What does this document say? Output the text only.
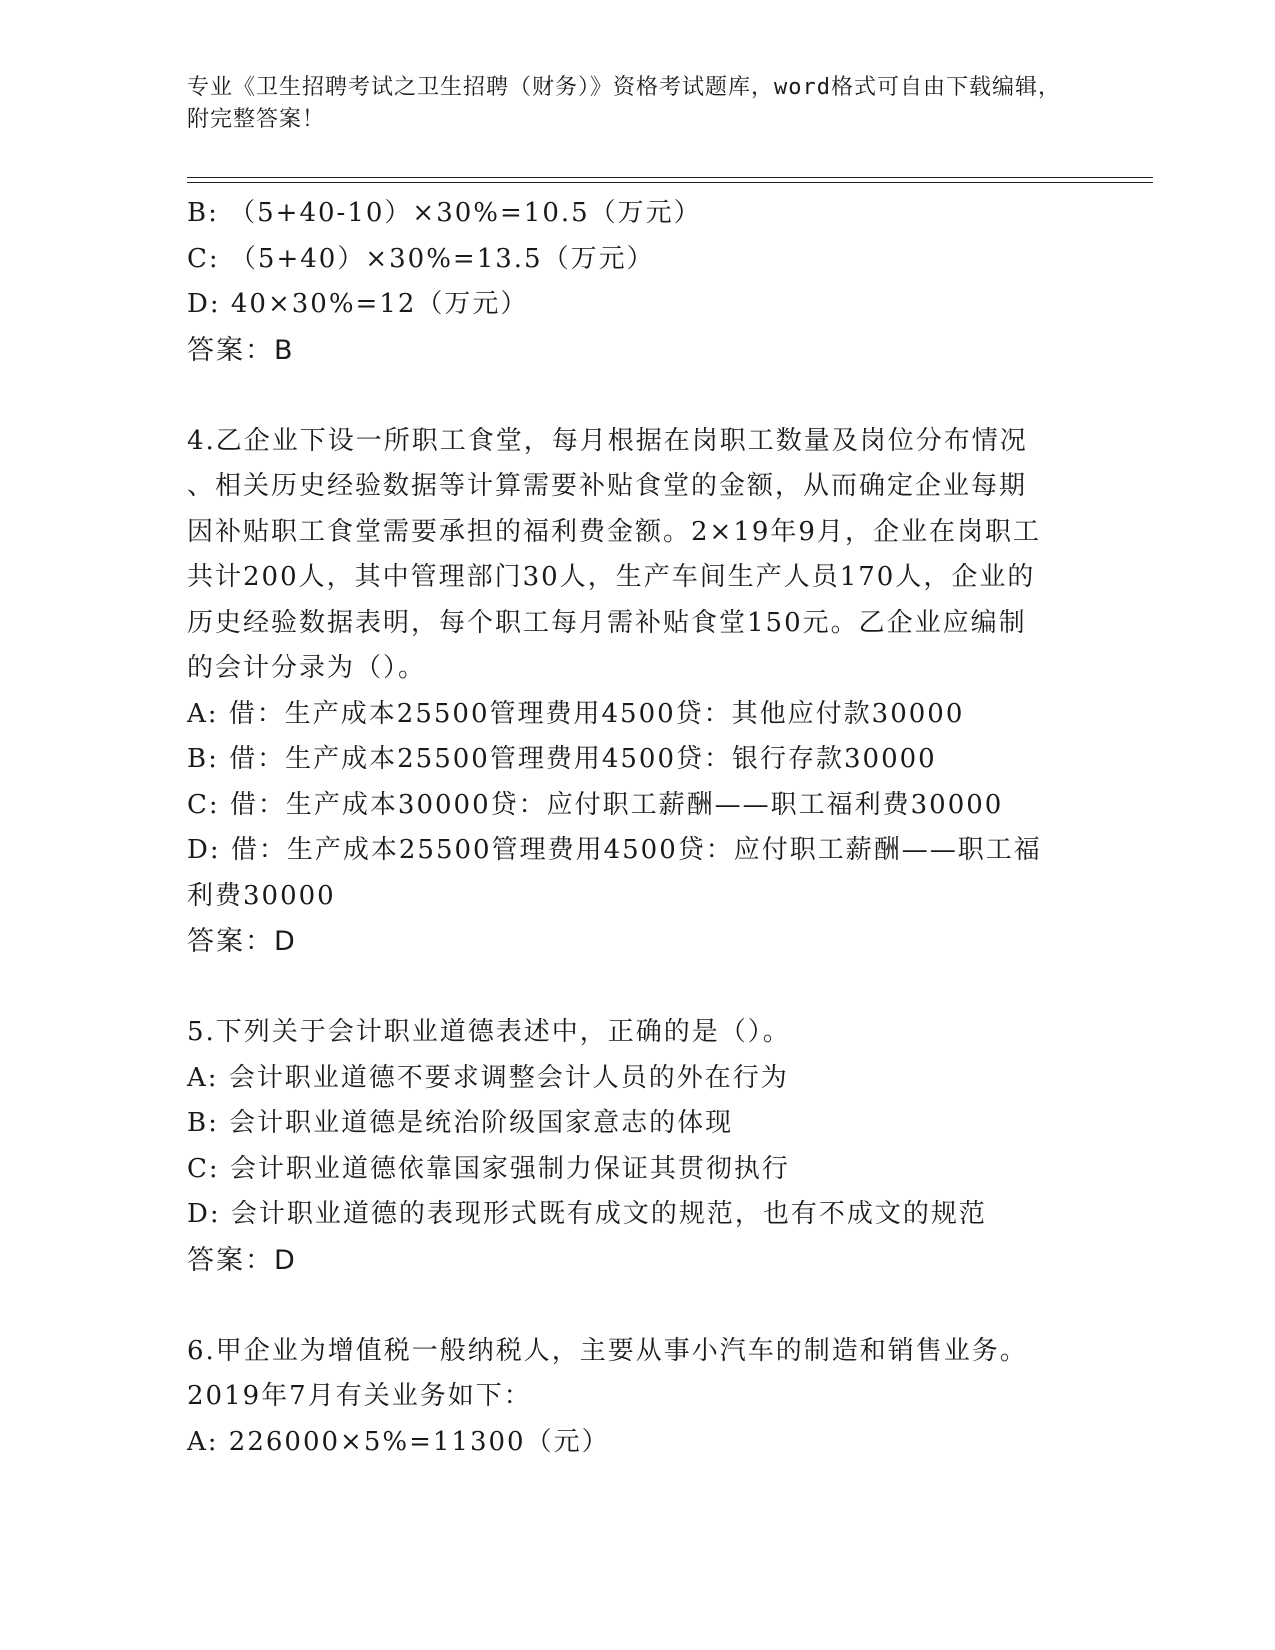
专业《卫生招聘考试之卫生招聘（财务）》资格考试题库，word格式可自由下载编辑，附完整答案！
B: （5+40-10）×30%=10.5（万元）
C: （5+40）×30%=13.5（万元）
D: 40×30%=12（万元）
答案：B
4.乙企业下设一所职工食堂，每月根据在岗职工数量及岗位分布情况
、相关历史经验数据等计算需要补贴食堂的金额，从而确定企业每期
因补贴职工食堂需要承担的福利费金额。2×19年9月，企业在岗职工
共计200人，其中管理部门30人，生产车间生产人员170人，企业的
历史经验数据表明，每个职工每月需补贴食堂150元。乙企业应编制
的会计分录为（）。
A: 借：生产成本25500管理费用4500贷：其他应付款30000
B: 借：生产成本25500管理费用4500贷：银行存款30000
C: 借：生产成本30000贷：应付职工薪酬——职工福利费30000
D: 借：生产成本25500管理费用4500贷：应付职工薪酬——职工福
利费30000
答案：D
5.下列关于会计职业道德表述中，正确的是（）。
A: 会计职业道德不要求调整会计人员的外在行为
B: 会计职业道德是统治阶级国家意志的体现
C: 会计职业道德依靠国家强制力保证其贯彻执行
D: 会计职业道德的表现形式既有成文的规范，也有不成文的规范
答案：D
6.甲企业为增值税一般纳税人，主要从事小汽车的制造和销售业务。
2019年7月有关业务如下：
A: 226000×5%=11300（元）
